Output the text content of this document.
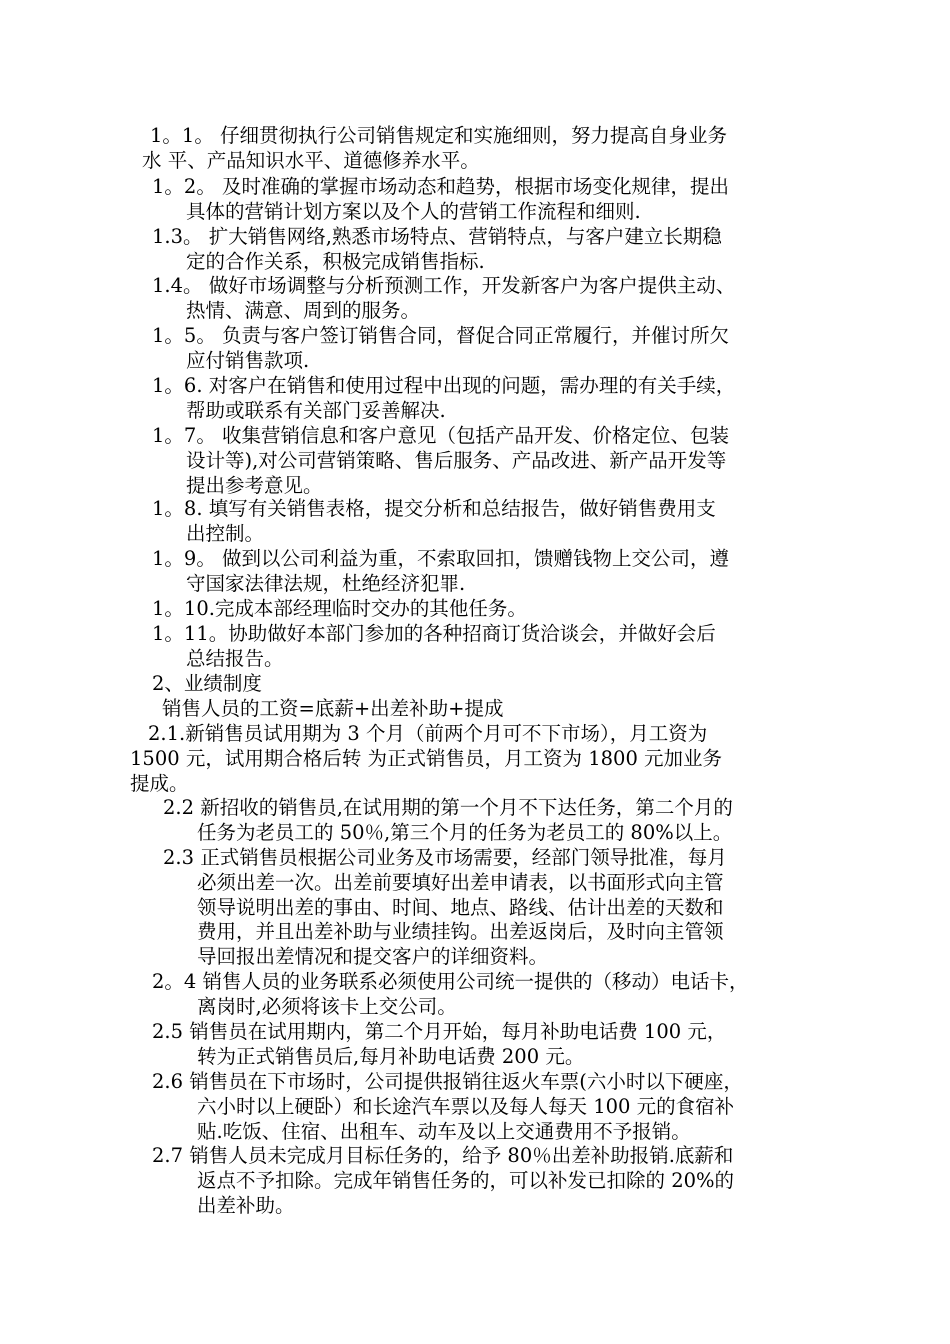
1。1。 仔细贯彻执行公司销售规定和实施细则，努力提高自身业务
水 平、产品知识水平、道德修养水平。
1。2。 及时准确的掌握市场动态和趋势，根据市场变化规律，提出
具体的营销计划方案以及个人的营销工作流程和细则.
1.3。 扩大销售网络,熟悉市场特点、营销特点，与客户建立长期稳
定的合作关系，积极完成销售指标.
1.4。 做好市场调整与分析预测工作，开发新客户为客户提供主动、
热情、满意、周到的服务。
1。5。 负责与客户签订销售合同，督促合同正常履行，并催讨所欠
应付销售款项.
1。6. 对客户在销售和使用过程中出现的问题，需办理的有关手续，
帮助或联系有关部门妥善解决.
1。7。 收集营销信息和客户意见（包括产品开发、价格定位、包装
设计等),对公司营销策略、售后服务、产品改进、新产品开发等
提出参考意见。
1。8. 填写有关销售表格，提交分析和总结报告，做好销售费用支
出控制。
1。9。 做到以公司利益为重，不索取回扣，馈赠钱物上交公司，遵
守国家法律法规，杜绝经济犯罪.
1。10.完成本部经理临时交办的其他任务。
1。11。协助做好本部门参加的各种招商订货洽谈会，并做好会后
总结报告。
2、业绩制度
销售人员的工资=底薪+出差补助+提成
2.1.新销售员试用期为 3 个月（前两个月可不下市场），月工资为
1500 元，试用期合格后转 为正式销售员，月工资为 1800 元加业务
提成。
2.2 新招收的销售员,在试用期的第一个月不下达任务，第二个月的
任务为老员工的 50％,第三个月的任务为老员工的 80%以上。
2.3 正式销售员根据公司业务及市场需要，经部门领导批准，每月
必须出差一次。出差前要填好出差申请表，以书面形式向主管
领导说明出差的事由、时间、地点、路线、估计出差的天数和
费用，并且出差补助与业绩挂钩。出差返岗后，及时向主管领
导回报出差情况和提交客户的详细资料。
2。4 销售人员的业务联系必须使用公司统一提供的（移动）电话卡，
离岗时,必须将该卡上交公司。
2.5 销售员在试用期内，第二个月开始，每月补助电话费 100 元，
转为正式销售员后,每月补助电话费 200 元。
2.6 销售员在下市场时，公司提供报销往返火车票(六小时以下硬座，
六小时以上硬卧）和长途汽车票以及每人每天 100 元的食宿补
贴.吃饭、住宿、出租车、动车及以上交通费用不予报销。
2.7 销售人员未完成月目标任务的，给予 80％出差补助报销.底薪和
返点不予扣除。完成年销售任务的，可以补发已扣除的 20%的
出差补助。
